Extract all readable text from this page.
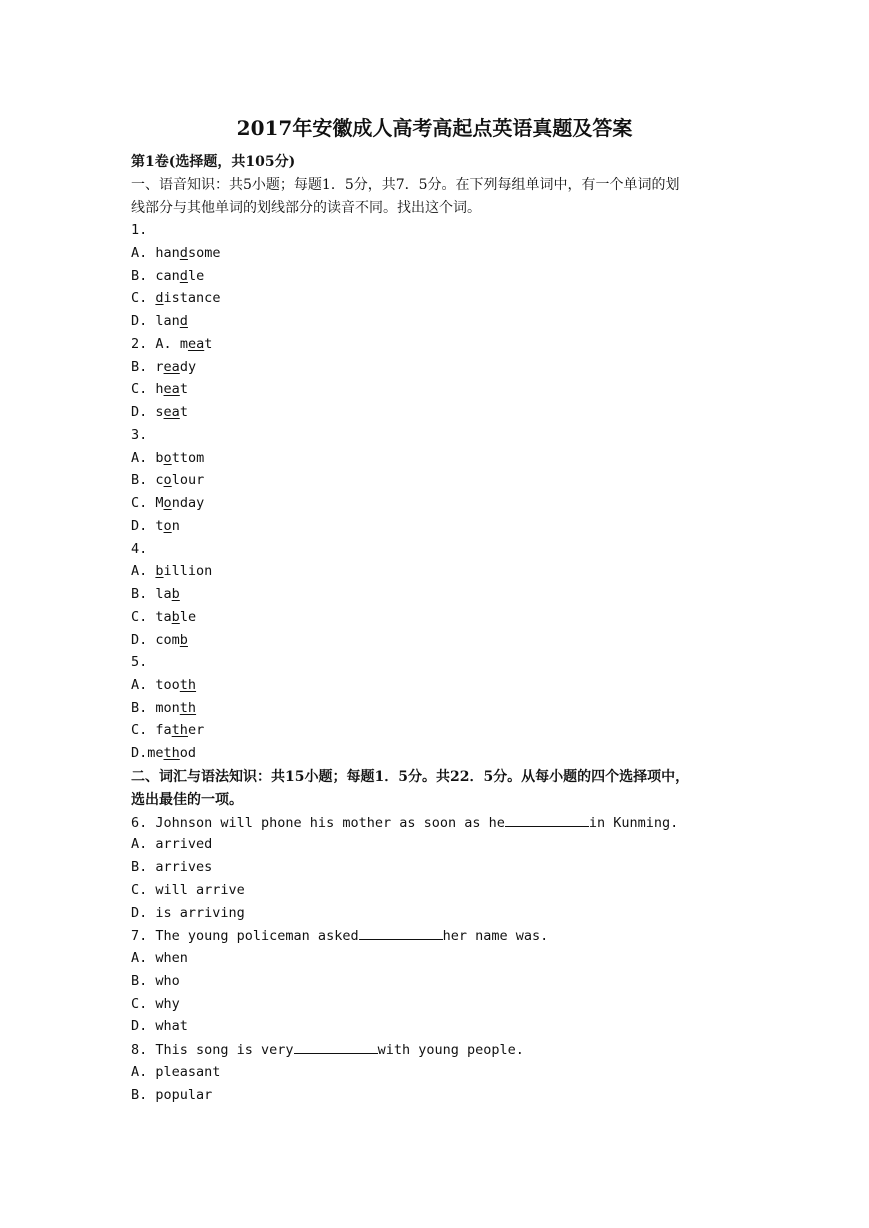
2017年安徽成人高考高起点英语真题及答案
第1卷(选择题，共105分)
一、语音知识：共5小题；每题1．5分，共7．5分。在下列每组单词中，有一个单词的划
线部分与其他单词的划线部分的读音不同。找出这个词。
1.
A. handsome
B. candle
C. distance
D. land
2. A. meat
B. ready
C. heat
D. seat
3.
A. bottom
B. colour
C. Monday
D. ton
4.
A. billion
B. lab
C. table
D. comb
5.
A. tooth
B. month
C. father
D.method
二、词汇与语法知识：共15小题；每题1．5分。共22．5分。从每小题的四个选择项中，
选出最佳的一项。
6. Johnson will phone his mother as soon as he	in Kunming.
A. arrived
B. arrives
C. will arrive
D. is arriving
7. The young policeman asked	her name was.
A. when
B. who
C. why
D. what
8. This song is very	with young people.
A. pleasant
B. popular
